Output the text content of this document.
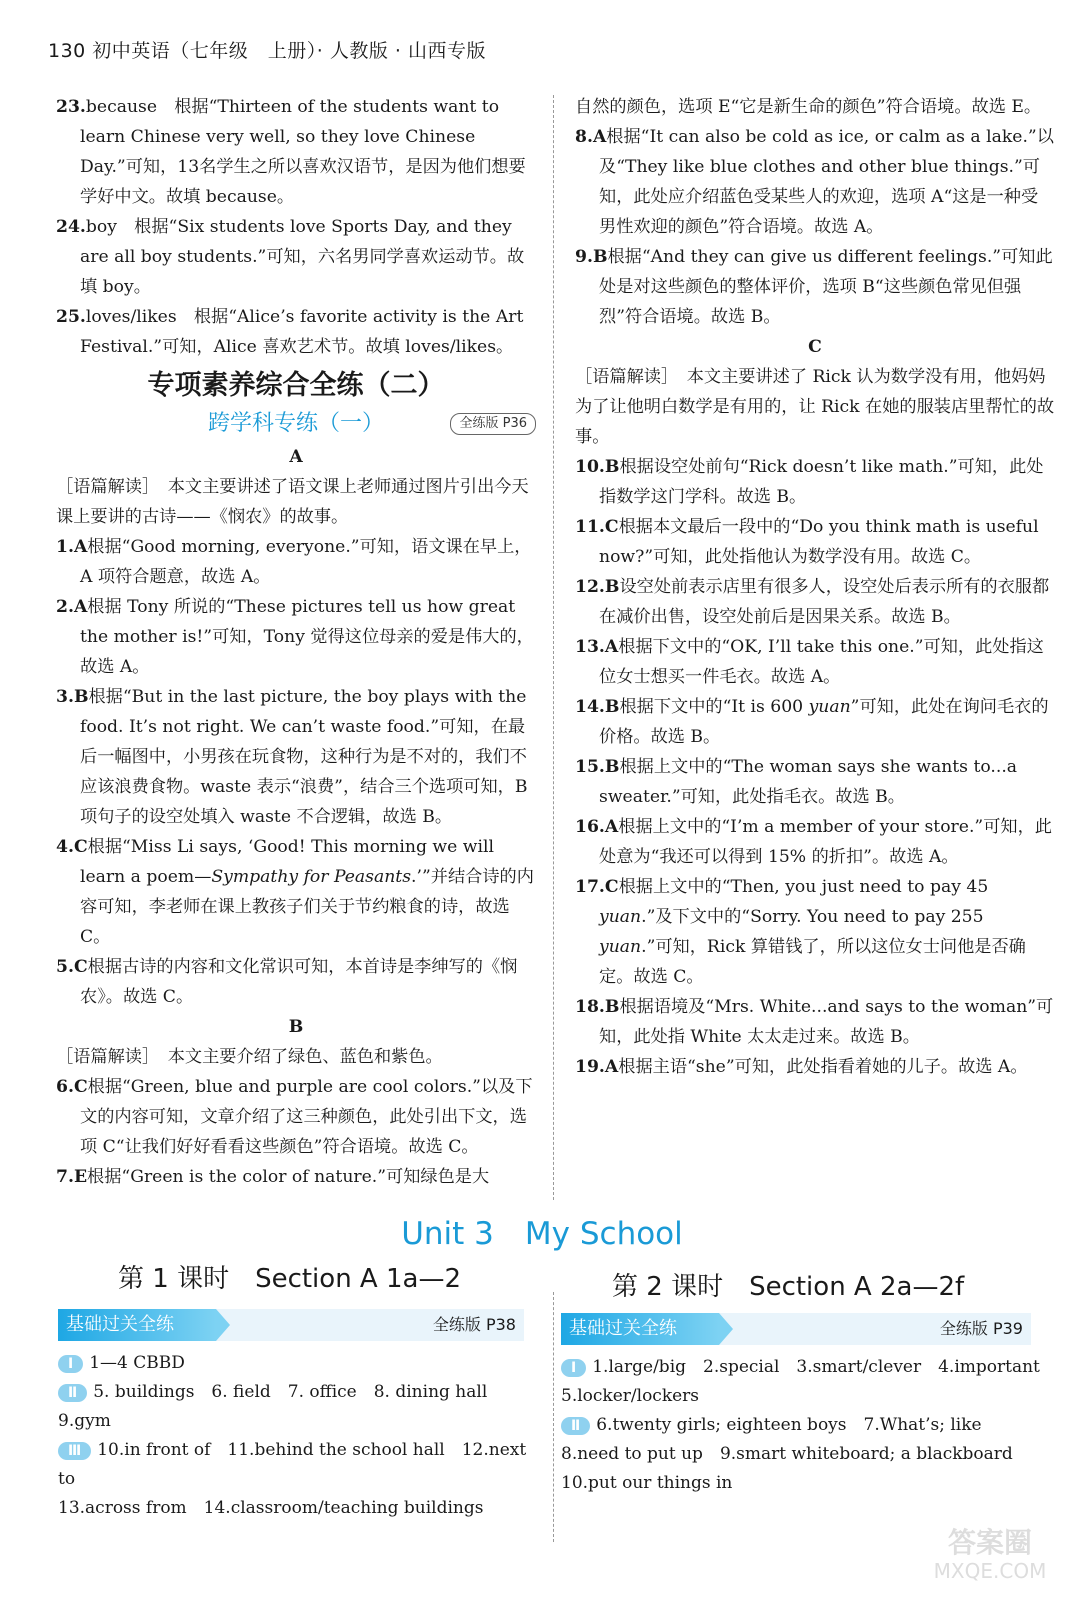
130 初中英语（七年级　上册）· 人教版 · 山西专版
23.because　根据“Thirteen of the students want to learn Chinese very well, so they love Chinese Day.”可知，13名学生之所以喜欢汉语节，是因为他们想要学好中文。故填 because。
24.boy　根据“Six students love Sports Day, and they are all boy students.”可知，六名男同学喜欢运动节。故填 boy。
25.loves/likes　根据“Alice’s favorite activity is the Art Festival.”可知，Alice 喜欢艺术节。故填 loves/likes。
专项素养综合全练（二）
跨学科专练（一）	全练版 P36
A
［语篇解读］　本文主要讲述了语文课上老师通过图片引出今天课上要讲的古诗——《悯农》的故事。
1.A根据“Good morning, everyone.”可知，语文课在早上，A 项符合题意，故选 A。
2.A根据 Tony 所说的“These pictures tell us how great the mother is!”可知，Tony 觉得这位母亲的爱是伟大的，故选 A。
3.B根据“But in the last picture, the boy plays with the food. It’s not right. We can’t waste food.”可知，在最后一幅图中，小男孩在玩食物，这种行为是不对的，我们不应该浪费食物。waste 表示“浪费”，结合三个选项可知，B 项句子的设空处填入 waste 不合逻辑，故选 B。
4.C根据“Miss Li says, ‘Good! This morning we will learn a poem—Sympathy for Peasants.’”并结合诗的内容可知，李老师在课上教孩子们关于节约粮食的诗，故选 C。
5.C根据古诗的内容和文化常识可知，本首诗是李绅写的《悯农》。故选 C。
B
［语篇解读］　本文主要介绍了绿色、蓝色和紫色。
6.C根据“Green, blue and purple are cool colors.”以及下文的内容可知，文章介绍了这三种颜色，此处引出下文，选项 C“让我们好好看看这些颜色”符合语境。故选 C。
7.E根据“Green is the color of nature.”可知绿色是大
自然的颜色，选项 E“它是新生命的颜色”符合语境。故选 E。
8.A根据“It can also be cold as ice, or calm as a lake.”以及“They like blue clothes and other blue things.”可知，此处应介绍蓝色受某些人的欢迎，选项 A“这是一种受男性欢迎的颜色”符合语境。故选 A。
9.B根据“And they can give us different feelings.”可知此处是对这些颜色的整体评价，选项 B“这些颜色常见但强烈”符合语境。故选 B。
C
［语篇解读］　本文主要讲述了 Rick 认为数学没有用，他妈妈为了让他明白数学是有用的，让 Rick 在她的服装店里帮忙的故事。
10.B根据设空处前句“Rick doesn’t like math.”可知，此处指数学这门学科。故选 B。
11.C根据本文最后一段中的“Do you think math is useful now?”可知，此处指他认为数学没有用。故选 C。
12.B设空处前表示店里有很多人，设空处后表示所有的衣服都在减价出售，设空处前后是因果关系。故选 B。
13.A根据下文中的“OK, I’ll take this one.”可知，此处指这位女士想买一件毛衣。故选 A。
14.B根据下文中的“It is 600 yuan”可知，此处在询问毛衣的价格。故选 B。
15.B根据上文中的“The woman says she wants to...a sweater.”可知，此处指毛衣。故选 B。
16.A根据上文中的“I’m a member of your store.”可知，此处意为“我还可以得到 15% 的折扣”。故选 A。
17.C根据上文中的“Then, you just need to pay 45 yuan.”及下文中的“Sorry. You need to pay 255 yuan.”可知，Rick 算错钱了，所以这位女士问他是否确定。故选 C。
18.B根据语境及“Mrs. White...and says to the woman”可知，此处指 White 太太走过来。故选 B。
19.A根据主语“she”可知，此处指看着她的儿子。故选 A。
Unit 3　My School
第 1 课时　Section A 1a—2
基础过关全练	全练版 P38
Ⅰ 1—4 CBBD
Ⅱ 5. buildings　6. field　7. office　8. dining hall
9.gym
Ⅲ 10.in front of　11.behind the school hall　12.next to
13.across from　14.classroom/teaching buildings
第 2 课时　Section A 2a—2f
基础过关全练	全练版 P39
Ⅰ 1.large/big　2.special　3.smart/clever　4.important
5.locker/lockers
Ⅱ 6.twenty girls; eighteen boys　7.What’s; like
8.need to put up　9.smart whiteboard; a blackboard
10.put our things in
答案圈
MXQE.COM
